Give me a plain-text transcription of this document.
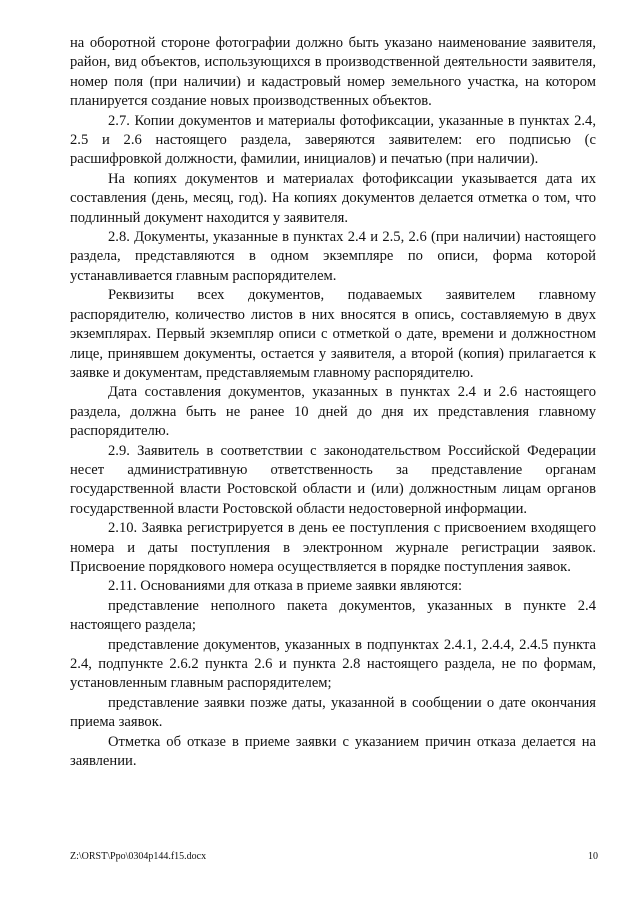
на оборотной стороне фотографии должно быть указано наименование заявителя, район, вид объектов, использующихся в производственной деятельности заявителя, номер поля (при наличии) и кадастровый номер земельного участка, на котором планируется создание новых производственных объектов.

2.7. Копии документов и материалы фотофиксации, указанные в пунктах 2.4, 2.5 и 2.6 настоящего раздела, заверяются заявителем: его подписью (с расшифровкой должности, фамилии, инициалов) и печатью (при наличии).

На копиях документов и материалах фотофиксации указывается дата их составления (день, месяц, год). На копиях документов делается отметка о том, что подлинный документ находится у заявителя.

2.8. Документы, указанные в пунктах 2.4 и 2.5, 2.6 (при наличии) настоящего раздела, представляются в одном экземпляре по описи, форма которой устанавливается главным распорядителем.

Реквизиты всех документов, подаваемых заявителем главному распорядителю, количество листов в них вносятся в опись, составляемую в двух экземплярах. Первый экземпляр описи с отметкой о дате, времени и должностном лице, принявшем документы, остается у заявителя, а второй (копия) прилагается к заявке и документам, представляемым главному распорядителю.

Дата составления документов, указанных в пунктах 2.4 и 2.6 настоящего раздела, должна быть не ранее 10 дней до дня их представления главному распорядителю.

2.9. Заявитель в соответствии с законодательством Российской Федерации несет административную ответственность за представление органам государственной власти Ростовской области и (или) должностным лицам органов государственной власти Ростовской области недостоверной информации.

2.10. Заявка регистрируется в день ее поступления с присвоением входящего номера и даты поступления в электронном журнале регистрации заявок. Присвоение порядкового номера осуществляется в порядке поступления заявок.

2.11. Основаниями для отказа в приеме заявки являются:

представление неполного пакета документов, указанных в пункте 2.4 настоящего раздела;

представление документов, указанных в подпунктах 2.4.1, 2.4.4, 2.4.5 пункта 2.4, подпункте 2.6.2 пункта 2.6 и пункта 2.8 настоящего раздела, не по формам, установленным главным распорядителем;

представление заявки позже даты, указанной в сообщении о дате окончания приема заявок.

Отметка об отказе в приеме заявки с указанием причин отказа делается на заявлении.

Z:\ORST\Ppo\0304p144.f15.docx	10
